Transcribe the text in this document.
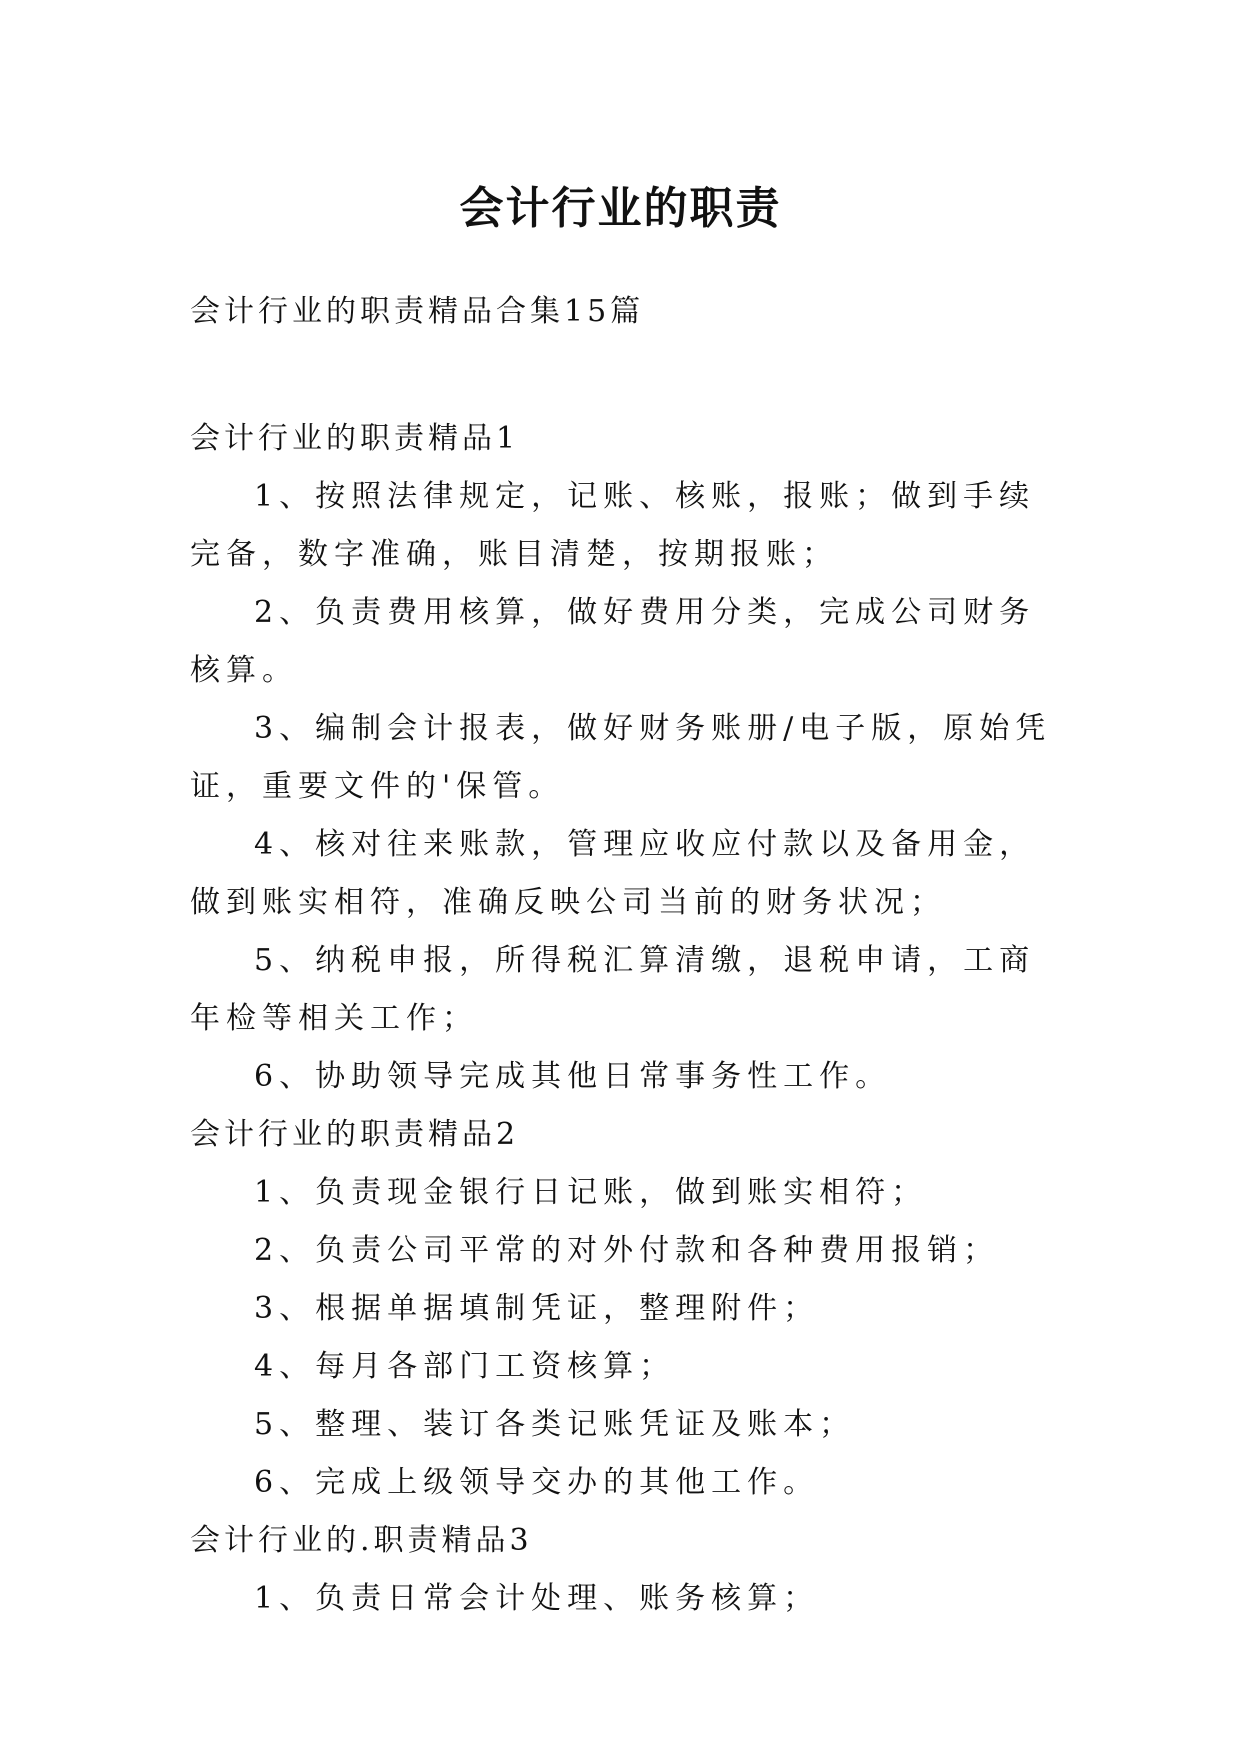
会计行业的职责
会计行业的职责精品合集15篇
会计行业的职责精品1

1、按照法律规定，记账、核账，报账；做到手续完备，数字准确，账目清楚，按期报账；

2、负责费用核算，做好费用分类，完成公司财务核算。

3、编制会计报表，做好财务账册/电子版，原始凭证，重要文件的'保管。

4、核对往来账款，管理应收应付款以及备用金，做到账实相符，准确反映公司当前的财务状况；

5、纳税申报，所得税汇算清缴，退税申请，工商年检等相关工作；

6、协助领导完成其他日常事务性工作。

会计行业的职责精品2

1、负责现金银行日记账，做到账实相符；

2、负责公司平常的对外付款和各种费用报销；

3、根据单据填制凭证，整理附件；

4、每月各部门工资核算；

5、整理、装订各类记账凭证及账本；

6、完成上级领导交办的其他工作。

会计行业的.职责精品3

1、负责日常会计处理、账务核算；
